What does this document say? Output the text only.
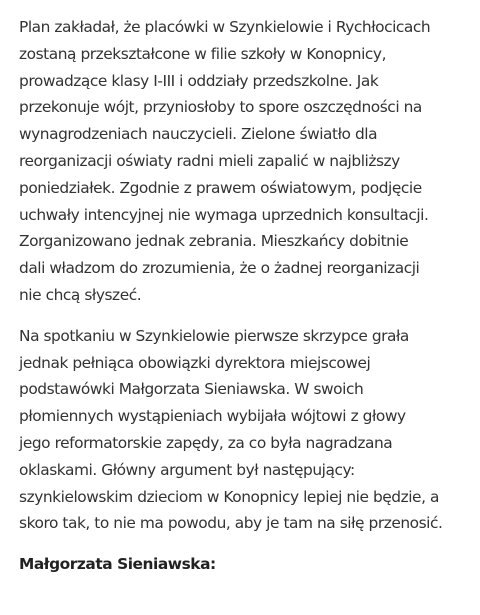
Plan zakładał, że placówki w Szynkielowie i Rychłocicach
zostaną przekształcone w filie szkoły w Konopnicy,
prowadzące klasy I-III i oddziały przedszkolne. Jak
przekonuje wójt, przyniosłoby to spore oszczędności na
wynagrodzeniach nauczycieli. Zielone światło dla
reorganizacji oświaty radni mieli zapalić w najbliższy
poniedziałek. Zgodnie z prawem oświatowym, podjęcie
uchwały intencyjnej nie wymaga uprzednich konsultacji.
Zorganizowano jednak zebrania. Mieszkańcy dobitnie
dali władzom do zrozumienia, że o żadnej reorganizacji
nie chcą słyszeć.

Na spotkaniu w Szynkielowie pierwsze skrzypce grała
jednak pełniąca obowiązki dyrektora miejscowej
podstawówki Małgorzata Sieniawska. W swoich
płomiennych wystąpieniach wybijała wójtowi z głowy
jego reformatorskie zapędy, za co była nagradzana
oklaskami. Główny argument był następujący:
szynkielowskim dzieciom w Konopnicy lepiej nie będzie, a
skoro tak, to nie ma powodu, aby je tam na siłę przenosić.

Małgorzata Sieniawska:
